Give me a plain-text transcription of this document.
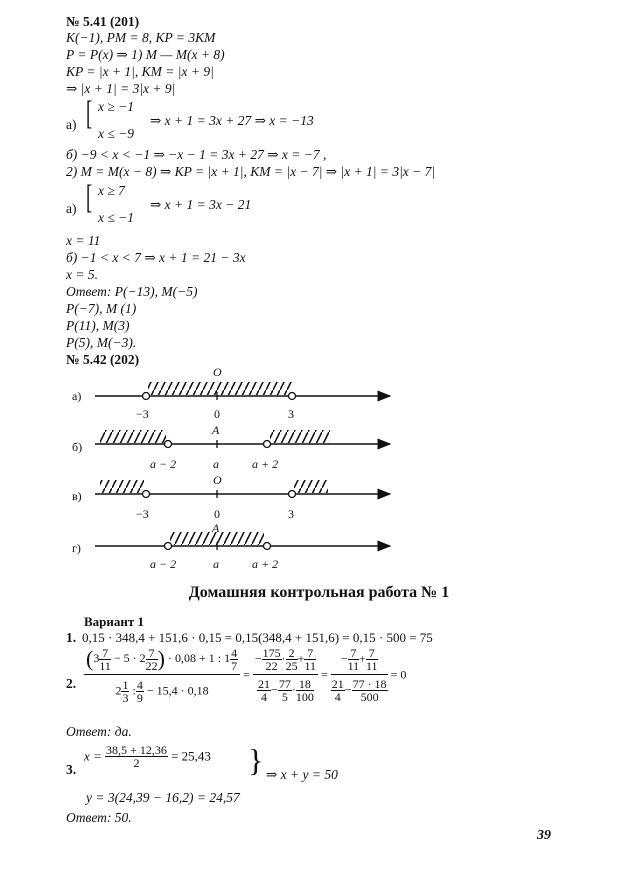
№ 5.41 (201)
K(−1), PM = 8, KP = 3KM
P = P(x) ⇒ 1) M — M(x + 8)
KP = |x + 1|, KM = |x + 9|
⇒ |x + 1| = 3|x + 9|
a) [ x ≥ −1
x ≤ −9
⇒ x + 1 = 3x + 27 ⇒ x = −13
б) −9 < x < −1 ⇒ −x − 1 = 3x + 27 ⇒ x = −7 ,
2) M = M(x − 8) ⇒ KP = |x + 1|, KM = |x − 7| ⇒ |x + 1| = 3|x − 7|
a) [ x ≥ 7
x ≤ −1
⇒ x + 1 = 3x − 21
x = 11
б) −1 < x < 7 ⇒ x + 1 = 21 − 3x
x = 5.
Ответ: P(−13), M(−5)
P(−7), M (1)
P(11), M(3)
P(5), M(−3).
№ 5.42 (202)
а)
O
−3	0	3
б)
A
a − 2	a	a + 2
в)
O
−3	0	3
г)
A
a − 2	a	a + 2
Домашняя контрольная работа № 1
Вариант 1
1. 0,15 · 348,4 + 151,6 · 0,15 = 0,15(348,4 + 151,6) = 0,15 · 500 = 75
2. $\frac{(3 \frac{7}{11} - 5 \cdot 2 \frac{7}{22} ) \cdot 0,08 + 1 : 1 \frac{4}{7}}{2 \frac{1}{3} : \frac{4}{9} - 15,4 \cdot 0,18} = \frac{- \frac{175}{22} \cdot \frac{2}{25} + \frac{7}{11}}{\frac{21}{4} - \frac{77}{5} \cdot \frac{18}{100}} = \frac{- \frac{7}{11} + \frac{7}{11}}{\frac{21}{4} - \frac{77 \cdot 18}{500}} = 0$
Ответ: да.
3.
$x = \frac{38,5 + 12,36}{2} = 25,43$ } ⇒ x + y = 50
y = 3(24,39 − 16,2) = 24,57
Ответ: 50.
39
